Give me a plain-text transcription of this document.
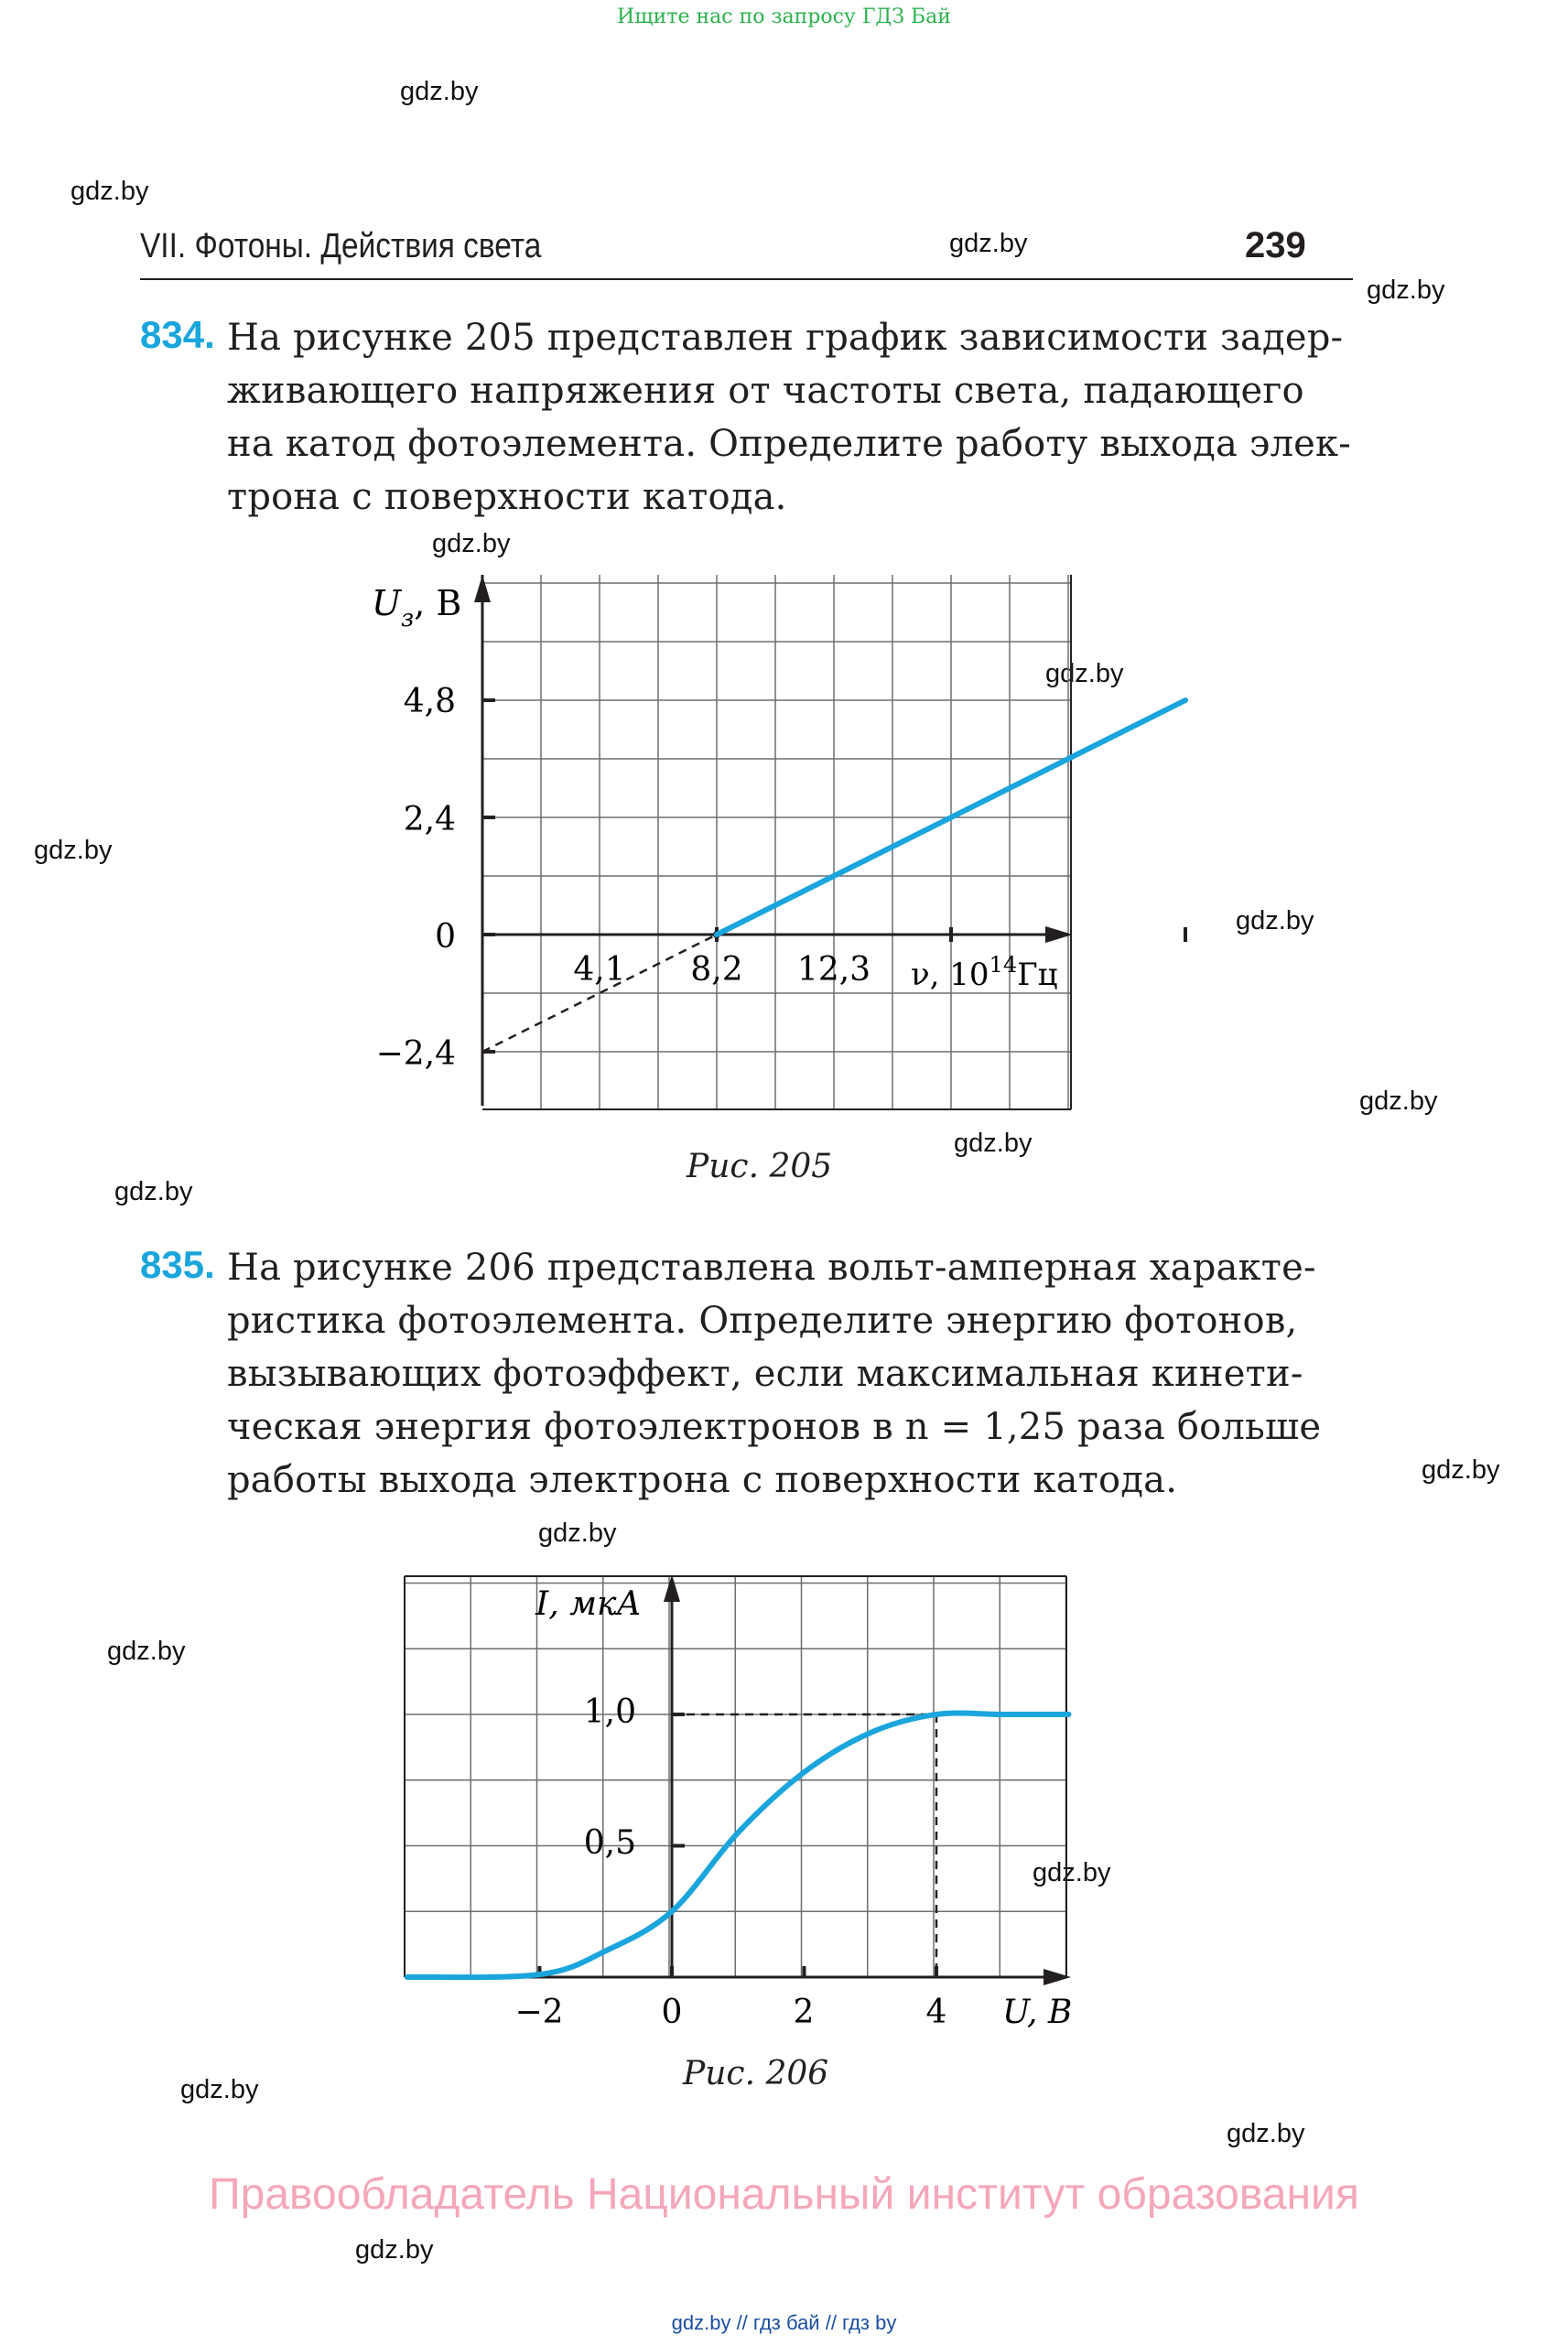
Ищите нас по запросу ГДЗ Бай
gdz.by
gdz.by
gdz.by
gdz.by
gdz.by
gdz.by
gdz.by
gdz.by
gdz.by
gdz.by
gdz.by
gdz.by
gdz.by
gdz.by
gdz.by
gdz.by
gdz.by
gdz.by
VII. Фотоны. Действия света	239
834. На рисунке 205 представлен график зависимости задер-
живающего напряжения от частоты света, падающего
на катод фотоэлемента. Определите работу выхода элек-
трона с поверхности катода.
$U_з$, В
4,8
2,4
0
−2,4
4,1 8,2 12,3 ν, $10^{14}Гц$
Рис. 205
835. На рисунке 206 представлена вольт-амперная характе-
ристика фотоэлемента. Определите энергию фотонов,
вызывающих фотоэффект, если максимальная кинети-
ческая энергия фотоэлектронов в n = 1,25 раза больше
работы выхода электрона с поверхности катода.
I, мкА
1,0
0,5
−2	0	2	4 U, В
Рис. 206
Правообладатель Национальный институт образования
gdz.by // гдз бай // гдз by
